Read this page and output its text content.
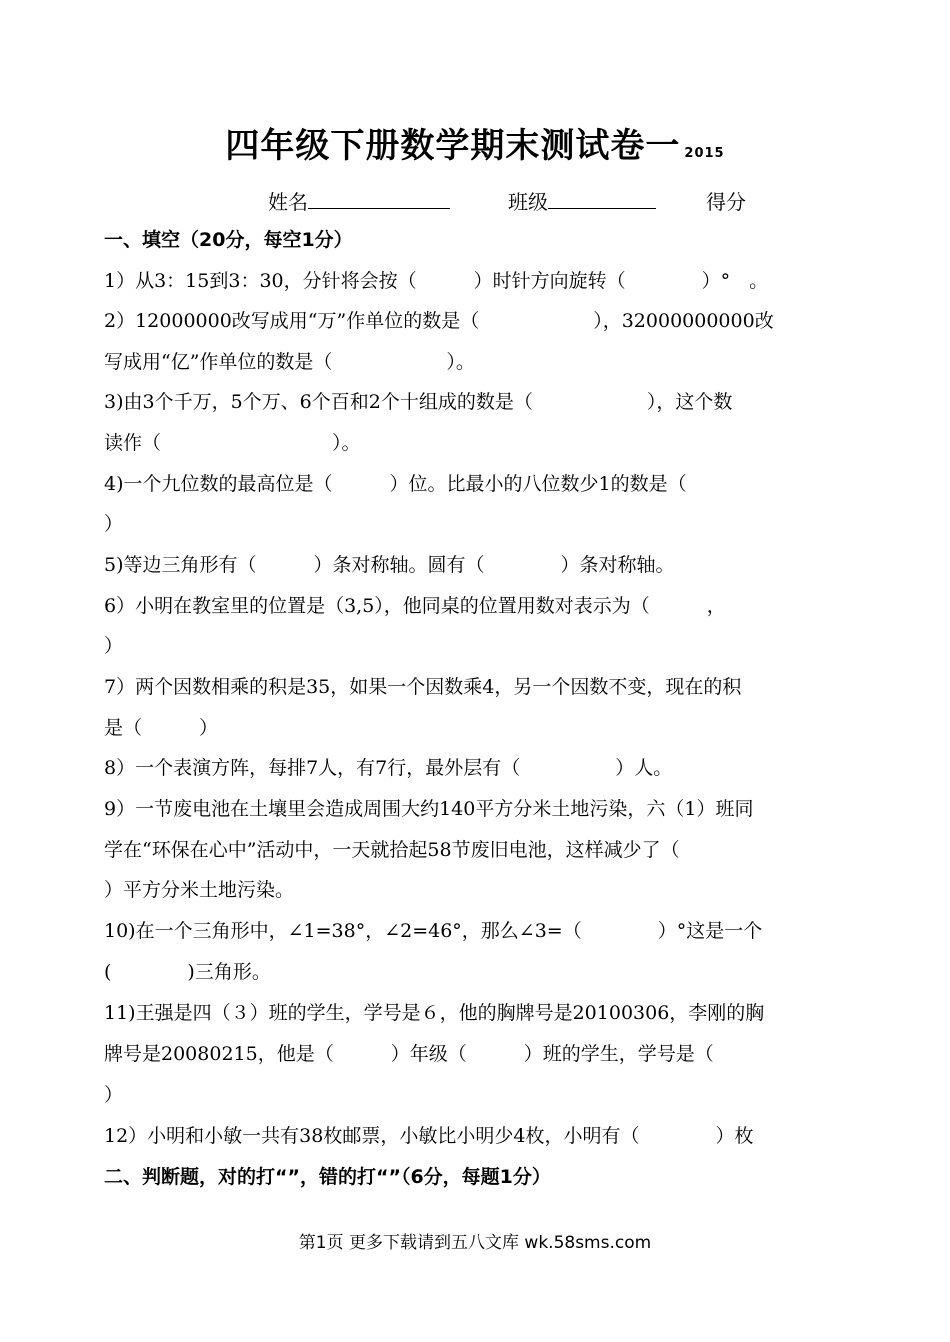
四年级下册数学期末测试卷一 2015
姓名	班级	得分
一、填空（20分，每空1分）
1）从3：15到3：30，分针将会按（　　　）时针方向旋转（　　　　）°　。
2）12000000改写成用“万”作单位的数是（　　　　　　），32000000000改
写成用“亿”作单位的数是（　　　　　　）。
3)由3个千万，5个万、6个百和2个十组成的数是（　　　　　　），这个数
读作（　　　　　　　　　）。
4)一个九位数的最高位是（　　　）位。比最小的八位数少1的数是（
）
5)等边三角形有（　　　）条对称轴。圆有（　　　　）条对称轴。
6）小明在教室里的位置是（3,5），他同桌的位置用数对表示为（　　　，
）
7）两个因数相乘的积是35，如果一个因数乘4，另一个因数不变，现在的积
是（　　　）
8）一个表演方阵，每排7人，有7行，最外层有（　　　　　）人。
9）一节废电池在土壤里会造成周围大约140平方分米土地污染，六（1）班同
学在“环保在心中”活动中，一天就拾起58节废旧电池，这样减少了（
）平方分米土地污染。
10)在一个三角形中，∠1=38°，∠2=46°，那么∠3=（　　　　）°这是一个
(　　　　)三角形。
11)王强是四（３）班的学生，学号是６，他的胸牌号是20100306，李刚的胸
牌号是20080215，他是（　　　）年级（　　　）班的学生，学号是（
）
12）小明和小敏一共有38枚邮票，小敏比小明少4枚，小明有（　　　　）枚
二、判断题，对的打“”，错的打“”（6分，每题1分）
第1页 更多下载请到五八文库 wk.58sms.com
